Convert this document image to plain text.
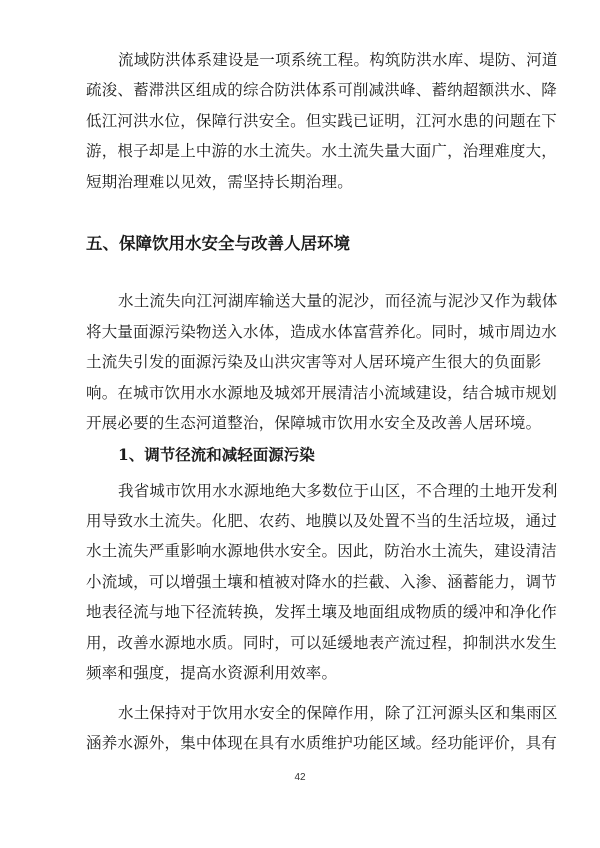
流域防洪体系建设是一项系统工程。构筑防洪水库、堤防、河道
疏浚、蓄滞洪区组成的综合防洪体系可削减洪峰、蓄纳超额洪水、降
低江河洪水位，保障行洪安全。但实践已证明，江河水患的问题在下
游，根子却是上中游的水土流失。水土流失量大面广，治理难度大，
短期治理难以见效，需坚持长期治理。
五、保障饮用水安全与改善人居环境
水土流失向江河湖库输送大量的泥沙，而径流与泥沙又作为载体
将大量面源污染物送入水体，造成水体富营养化。同时，城市周边水
土流失引发的面源污染及山洪灾害等对人居环境产生很大的负面影
响。在城市饮用水水源地及城郊开展清洁小流域建设，结合城市规划
开展必要的生态河道整治，保障城市饮用水安全及改善人居环境。
1、调节径流和减轻面源污染
我省城市饮用水水源地绝大多数位于山区，不合理的土地开发利
用导致水土流失。化肥、农药、地膜以及处置不当的生活垃圾，通过
水土流失严重影响水源地供水安全。因此，防治水土流失，建设清洁
小流域，可以增强土壤和植被对降水的拦截、入渗、涵蓄能力，调节
地表径流与地下径流转换，发挥土壤及地面组成物质的缓冲和净化作
用，改善水源地水质。同时，可以延缓地表产流过程，抑制洪水发生
频率和强度，提高水资源利用效率。
水土保持对于饮用水安全的保障作用，除了江河源头区和集雨区
涵养水源外，集中体现在具有水质维护功能区域。经功能评价，具有
42
